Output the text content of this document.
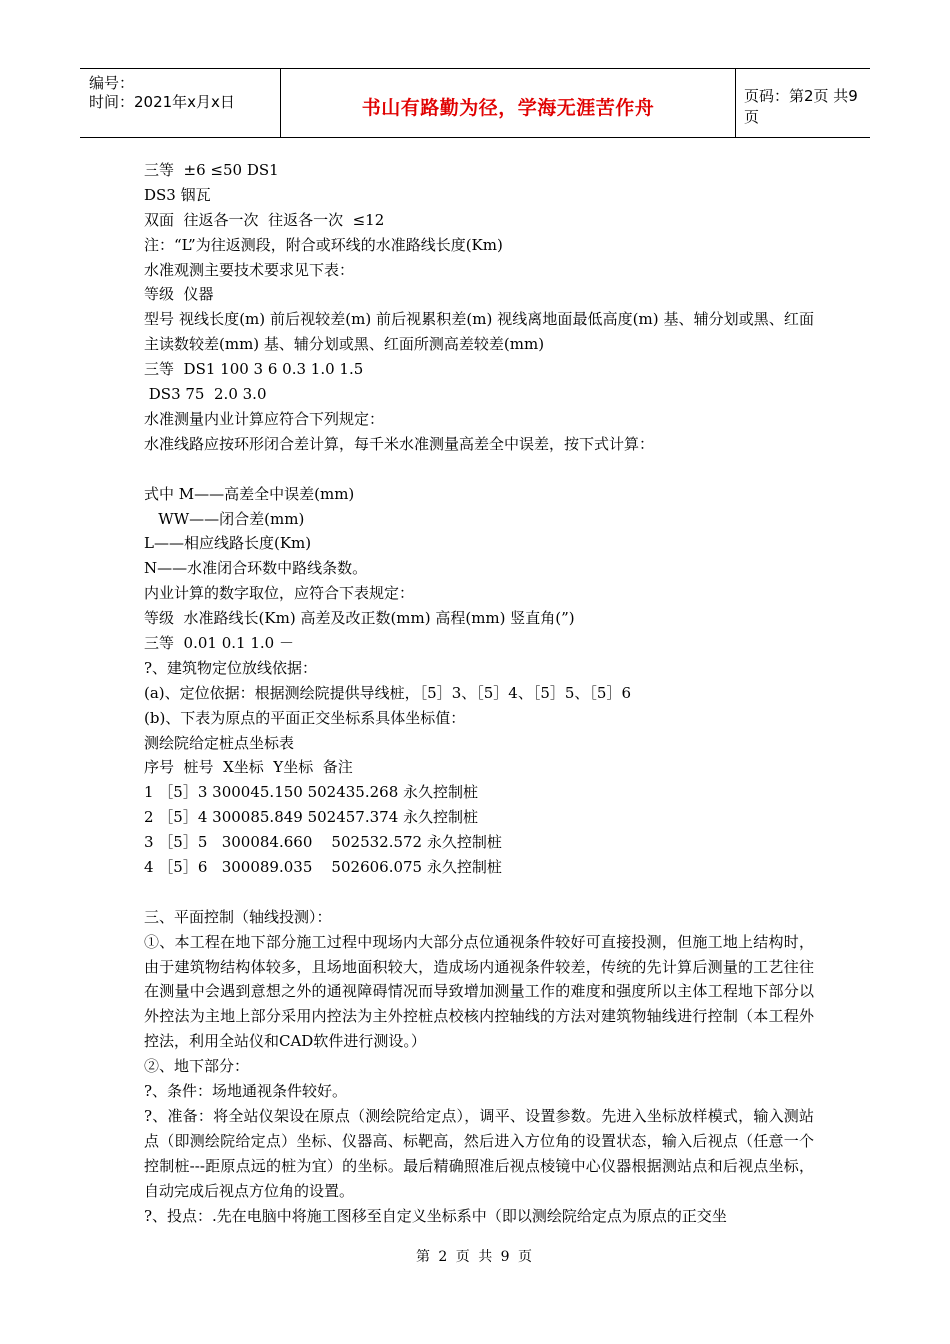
编号：
时间：2021年x月x日	书山有路勤为径，学海无涯苦作舟
页码：第2页 共9页
三等  ±6 ≤50 DS1
DS3 铟瓦
双面  往返各一次  往返各一次  ≤12
注：“L”为往返测段，附合或环线的水准路线长度(Km)
水准观测主要技术要求见下表：
等级  仪器
型号 视线长度(m) 前后视较差(m) 前后视累积差(m) 视线离地面最低高度(m) 基、辅分划或黑、红面主读数较差(mm) 基、辅分划或黑、红面所测高差较差(mm)
三等  DS1 100 3 6 0.3 1.0 1.5
DS3 75  2.0 3.0
水准测量内业计算应符合下列规定：
水准线路应按环形闭合差计算，每千米水准测量高差全中误差，按下式计算：
式中 M——高差全中误差(mm)
WW——闭合差(mm)
L——相应线路长度(Km)
N——水准闭合环数中路线条数。
内业计算的数字取位，应符合下表规定：
等级  水准路线长(Km) 高差及改正数(mm) 高程(mm) 竖直角(”)
三等  0.01 0.1 1.0 －
?、建筑物定位放线依据：
(a)、定位依据：根据测绘院提供导线桩，［5］3、［5］4、［5］5、［5］6
(b)、下表为原点的平面正交坐标系具体坐标值：
测绘院给定桩点坐标表
序号  桩号  X坐标  Y坐标  备注
1 ［5］3 300045.150 502435.268 永久控制桩
2 ［5］4 300085.849 502457.374 永久控制桩
3 ［5］5   300084.660    502532.572 永久控制桩
4 ［5］6   300089.035    502606.075 永久控制桩
三、平面控制（轴线投测）：
①、本工程在地下部分施工过程中现场内大部分点位通视条件较好可直接投测，但施工地上结构时，由于建筑物结构体较多，且场地面积较大，造成场内通视条件较差，传统的先计算后测量的工艺往往在测量中会遇到意想之外的通视障碍情况而导致增加测量工作的难度和强度所以主体工程地下部分以外控法为主地上部分采用内控法为主外控桩点校核内控轴线的方法对建筑物轴线进行控制（本工程外控法，利用全站仪和CAD软件进行测设。）
②、地下部分：
?、条件：场地通视条件较好。
?、准备：将全站仪架设在原点（测绘院给定点），调平、设置参数。先进入坐标放样模式，输入测站点（即测绘院给定点）坐标、仪器高、标靶高，然后进入方位角的设置状态，输入后视点（任意一个控制桩---距原点远的桩为宜）的坐标。最后精确照准后视点棱镜中心仪器根据测站点和后视点坐标，自动完成后视点方位角的设置。
?、投点：.先在电脑中将施工图移至自定义坐标系中（即以测绘院给定点为原点的正交坐
第 2 页 共 9 页
